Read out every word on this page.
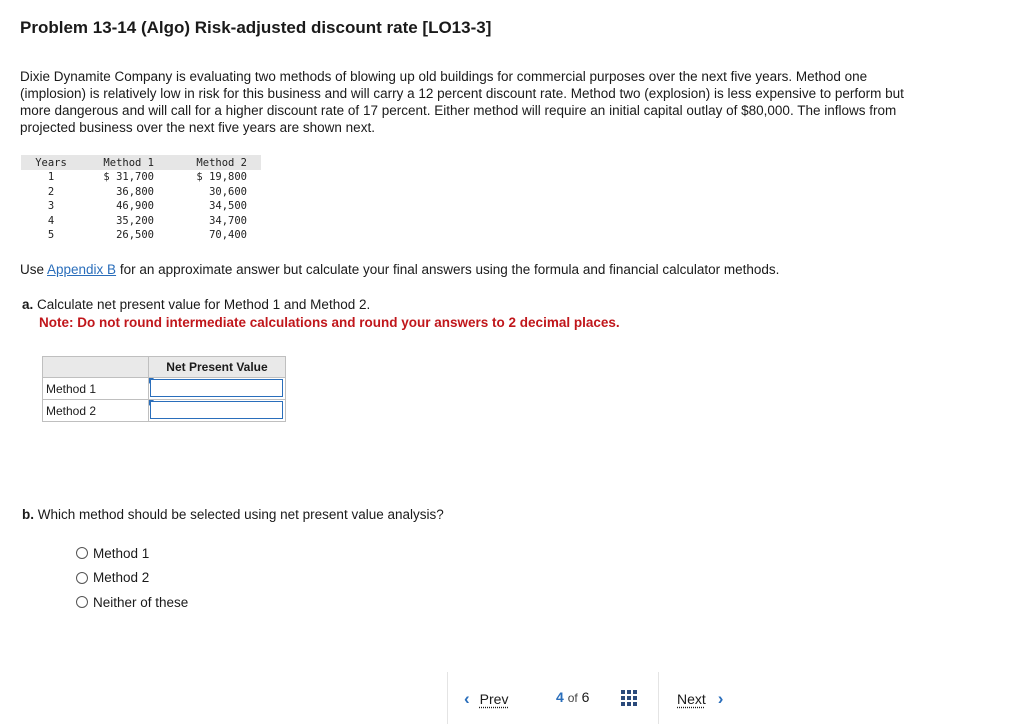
Problem 13-14 (Algo) Risk-adjusted discount rate [LO13-3]
Dixie Dynamite Company is evaluating two methods of blowing up old buildings for commercial purposes over the next five years. Method one (implosion) is relatively low in risk for this business and will carry a 12 percent discount rate. Method two (explosion) is less expensive to perform but more dangerous and will call for a higher discount rate of 17 percent. Either method will require an initial capital outlay of $80,000. The inflows from projected business over the next five years are shown next.
Years	Method 1	Method 2
1	$ 31,700	$ 19,800
2	36,800	30,600
3	46,900	34,500
4	35,200	34,700
5	26,500	70,400
Use Appendix B for an approximate answer but calculate your final answers using the formula and financial calculator methods.
a. Calculate net present value for Method 1 and Method 2.
Note: Do not round intermediate calculations and round your answers to 2 decimal places.
	Net Present Value
Method 1	

Method 2	
b. Which method should be selected using net present value analysis?
Method 1
Method 2
Neither of these
‹ Prev	4 of 6	Next ›
